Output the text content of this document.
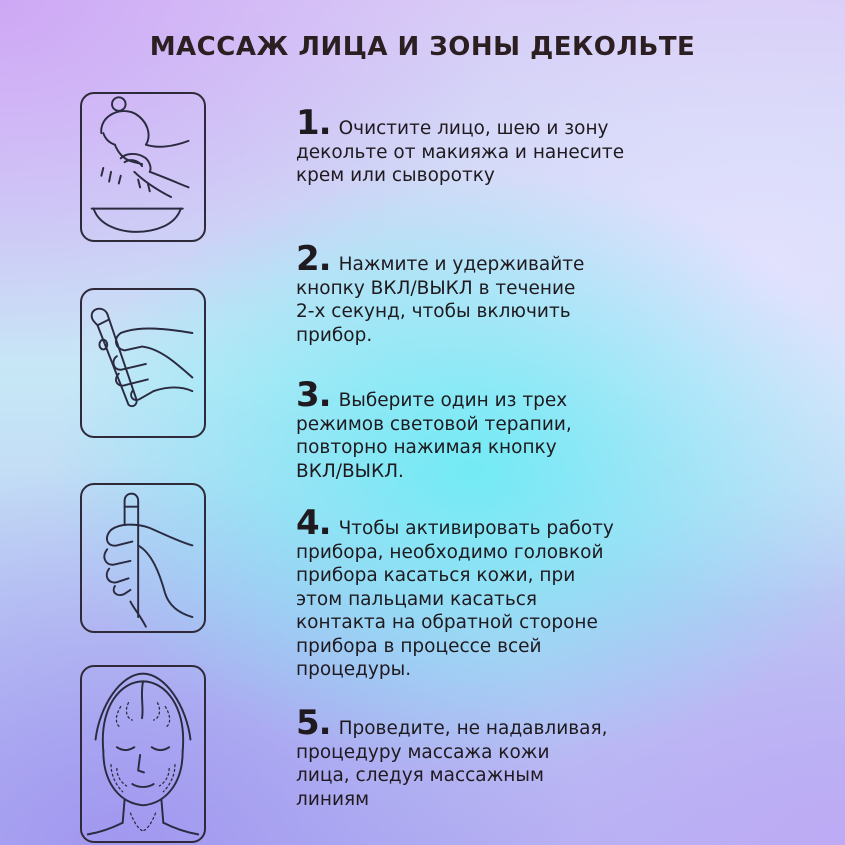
МАССАЖ ЛИЦА И ЗОНЫ ДЕКОЛЬТЕ
1. Очистите лицо, шею и зону
декольте от макияжа и нанесите
крем или сыворотку
2. Нажмите и удерживайте
кнопку ВКЛ/ВЫКЛ в течение
2-х секунд, чтобы включить
прибор.
3. Выберите один из трех
режимов световой терапии,
повторно нажимая кнопку
ВКЛ/ВЫКЛ.
4. Чтобы активировать работу
прибора, необходимо головкой
прибора касаться кожи, при
этом пальцами касаться
контакта на обратной стороне
прибора в процессе всей
процедуры.
5. Проведите, не надавливая,
процедуру массажа кожи
лица, следуя массажным
линиям
